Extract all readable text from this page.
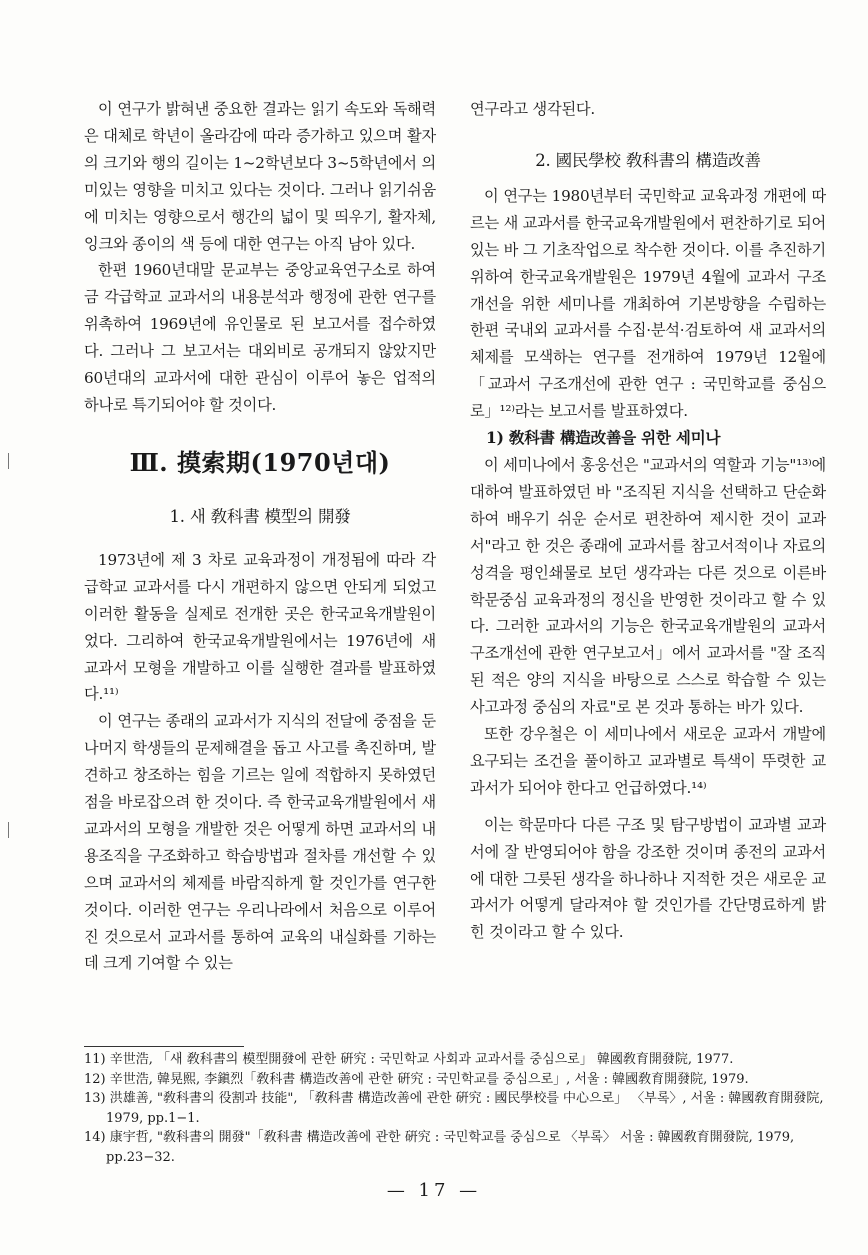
이 연구가 밝혀낸 중요한 결과는 읽기 속도와 독해력은 대체로 학년이 올라감에 따라 증가하고 있으며 활자의 크기와 행의 길이는 1~2학년보다 3~5학년에서 의미있는 영향을 미치고 있다는 것이다. 그러나 읽기쉬움에 미치는 영향으로서 행간의 넓이 및 띄우기, 활자체, 잉크와 종이의 색 등에 대한 연구는 아직 남아 있다.

한편 1960년대말 문교부는 중앙교육연구소로 하여금 각급학교 교과서의 내용분석과 행정에 관한 연구를 위촉하여 1969년에 유인물로 된 보고서를 접수하였다. 그러나 그 보고서는 대외비로 공개되지 않았지만 60년대의 교과서에 대한 관심이 이루어 놓은 업적의 하나로 특기되어야 할 것이다.

Ⅲ. 摸索期(1970년대)
1. 새 敎科書 模型의 開發

1973년에 제 3 차로 교육과정이 개정됨에 따라 각급학교 교과서를 다시 개편하지 않으면 안되게 되었고 이러한 활동을 실제로 전개한 곳은 한국교육개발원이었다. 그리하여 한국교육개발원에서는 1976년에 새 교과서 모형을 개발하고 이를 실행한 결과를 발표하였다.¹¹⁾

이 연구는 종래의 교과서가 지식의 전달에 중점을 둔 나머지 학생들의 문제해결을 돕고 사고를 촉진하며, 발견하고 창조하는 힘을 기르는 일에 적합하지 못하였던 점을 바로잡으려 한 것이다. 즉 한국교육개발원에서 새 교과서의 모형을 개발한 것은 어떻게 하면 교과서의 내용조직을 구조화하고 학습방법과 절차를 개선할 수 있으며 교과서의 체제를 바람직하게 할 것인가를 연구한 것이다. 이러한 연구는 우리나라에서 처음으로 이루어진 것으로서 교과서를 통하여 교육의 내실화를 기하는데 크게 기여할 수 있는

연구라고 생각된다.

2. 國民學校 敎科書의 構造改善

이 연구는 1980년부터 국민학교 교육과정 개편에 따르는 새 교과서를 한국교육개발원에서 편찬하기로 되어 있는 바 그 기초작업으로 착수한 것이다. 이를 추진하기 위하여 한국교육개발원은 1979년 4월에 교과서 구조개선을 위한 세미나를 개최하여 기본방향을 수립하는 한편 국내외 교과서를 수집·분석·검토하여 새 교과서의 체제를 모색하는 연구를 전개하여 1979년 12월에 「교과서 구조개선에 관한 연구 : 국민학교를 중심으로」¹²⁾라는 보고서를 발표하였다.

1) 敎科書 構造改善을 위한 세미나

이 세미나에서 홍웅선은 "교과서의 역할과 기능"¹³⁾에 대하여 발표하였던 바 "조직된 지식을 선택하고 단순화하여 배우기 쉬운 순서로 편찬하여 제시한 것이 교과서"라고 한 것은 종래에 교과서를 참고서적이나 자료의 성격을 평인쇄물로 보던 생각과는 다른 것으로 이른바 학문중심 교육과정의 정신을 반영한 것이라고 할 수 있다. 그러한 교과서의 기능은 한국교육개발원의 교과서 구조개선에 관한 연구보고서」에서 교과서를 "잘 조직된 적은 양의 지식을 바탕으로 스스로 학습할 수 있는 사고과정 중심의 자료"로 본 것과 통하는 바가 있다.

또한 강우철은 이 세미나에서 새로운 교과서 개발에 요구되는 조건을 풀이하고 교과별로 특색이 뚜렷한 교과서가 되어야 한다고 언급하였다.¹⁴⁾

이는 학문마다 다른 구조 및 탐구방법이 교과별 교과서에 잘 반영되어야 함을 강조한 것이며 종전의 교과서에 대한 그릇된 생각을 하나하나 지적한 것은 새로운 교과서가 어떻게 달라져야 할 것인가를 간단명료하게 밝힌 것이라고 할 수 있다.

11) 辛世浩, 「새 敎科書의 模型開發에 관한 硏究 : 국민학교 사회과 교과서를 중심으로」 韓國敎育開發院, 1977.

12) 辛世浩, 韓晃熙, 李鎭烈「敎科書 構造改善에 관한 硏究 : 국민학교를 중심으로」, 서울 : 韓國敎育開發院, 1979.

13) 洪雄善, "敎科書의 役割과 技能", 「敎科書 構造改善에 관한 硏究 : 國民學校를 中心으로」 〈부록〉, 서울 : 韓國敎育開發院, 1979, pp.1−1.

14) 康宇哲, "敎科書의 開發"「敎科書 構造改善에 관한 硏究 : 국민학교를 중심으로 〈부록〉 서울 : 韓國敎育開發院, 1979, pp.23−32.

— 17 —
